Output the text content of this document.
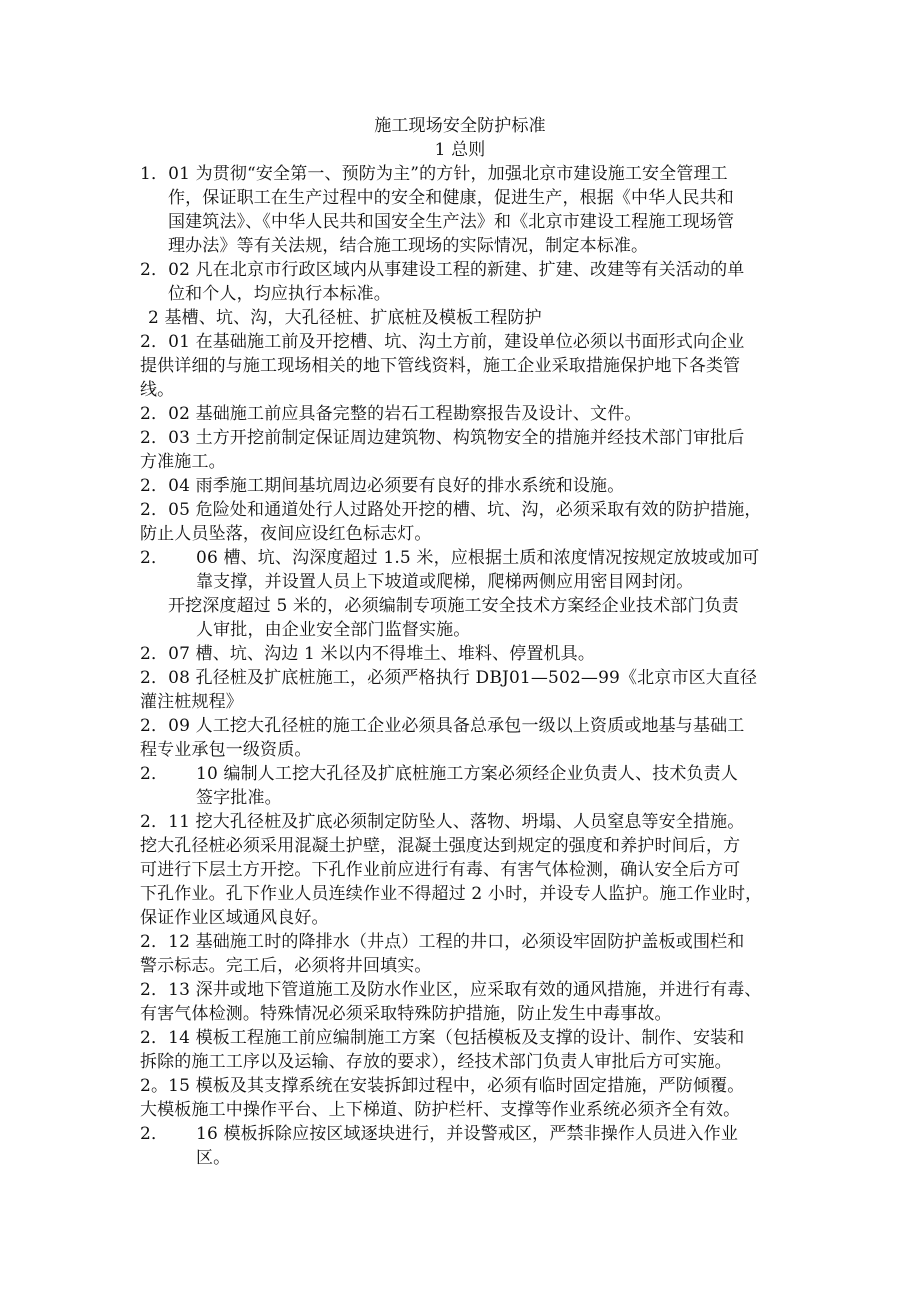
施工现场安全防护标准
1 总则
1．01 为贯彻“安全第一、预防为主”的方针，加强北京市建设施工安全管理工
作，保证职工在生产过程中的安全和健康，促进生产，根据《中华人民共和
国建筑法》、《中华人民共和国安全生产法》和《北京市建设工程施工现场管
理办法》等有关法规，结合施工现场的实际情况，制定本标准。
2．02 凡在北京市行政区域内从事建设工程的新建、扩建、改建等有关活动的单
位和个人，均应执行本标准。
2 基槽、坑、沟，大孔径桩、扩底桩及模板工程防护
2．01 在基础施工前及开挖槽、坑、沟土方前，建设单位必须以书面形式向企业
提供详细的与施工现场相关的地下管线资料，施工企业采取措施保护地下各类管
线。
2．02 基础施工前应具备完整的岩石工程勘察报告及设计、文件。
2．03 土方开挖前制定保证周边建筑物、构筑物安全的措施并经技术部门审批后
方准施工。
2．04 雨季施工期间基坑周边必须要有良好的排水系统和设施。
2．05 危险处和通道处行人过路处开挖的槽、坑、沟，必须采取有效的防护措施，
防止人员坠落，夜间应设红色标志灯。
2． 06 槽、坑、沟深度超过 1.5 米，应根据土质和浓度情况按规定放坡或加可
靠支撑，并设置人员上下坡道或爬梯，爬梯两侧应用密目网封闭。
开挖深度超过 5 米的，必须编制专项施工安全技术方案经企业技术部门负责
人审批，由企业安全部门监督实施。
2．07 槽、坑、沟边 1 米以内不得堆土、堆料、停置机具。
2．08 孔径桩及扩底桩施工，必须严格执行 DBJ01—502—99《北京市区大直径
灌注桩规程》
2．09 人工挖大孔径桩的施工企业必须具备总承包一级以上资质或地基与基础工
程专业承包一级资质。
2． 10 编制人工挖大孔径及扩底桩施工方案必须经企业负责人、技术负责人
签字批准。
2．11 挖大孔径桩及扩底必须制定防坠人、落物、坍塌、人员窒息等安全措施。
挖大孔径桩必须采用混凝土护壁，混凝土强度达到规定的强度和养护时间后，方
可进行下层土方开挖。下孔作业前应进行有毒、有害气体检测，确认安全后方可
下孔作业。孔下作业人员连续作业不得超过 2 小时，并设专人监护。施工作业时，
保证作业区域通风良好。
2．12 基础施工时的降排水（井点）工程的井口，必须设牢固防护盖板或围栏和
警示标志。完工后，必须将井回填实。
2．13 深井或地下管道施工及防水作业区，应采取有效的通风措施，并进行有毒、
有害气体检测。特殊情况必须采取特殊防护措施，防止发生中毒事故。
2．14 模板工程施工前应编制施工方案（包括模板及支撑的设计、制作、安装和
拆除的施工工序以及运输、存放的要求），经技术部门负责人审批后方可实施。
2。15 模板及其支撑系统在安装拆卸过程中，必须有临时固定措施，严防倾覆。
大模板施工中操作平台、上下梯道、防护栏杆、支撑等作业系统必须齐全有效。
2． 16 模板拆除应按区域逐块进行，并设警戒区，严禁非操作人员进入作业
区。
